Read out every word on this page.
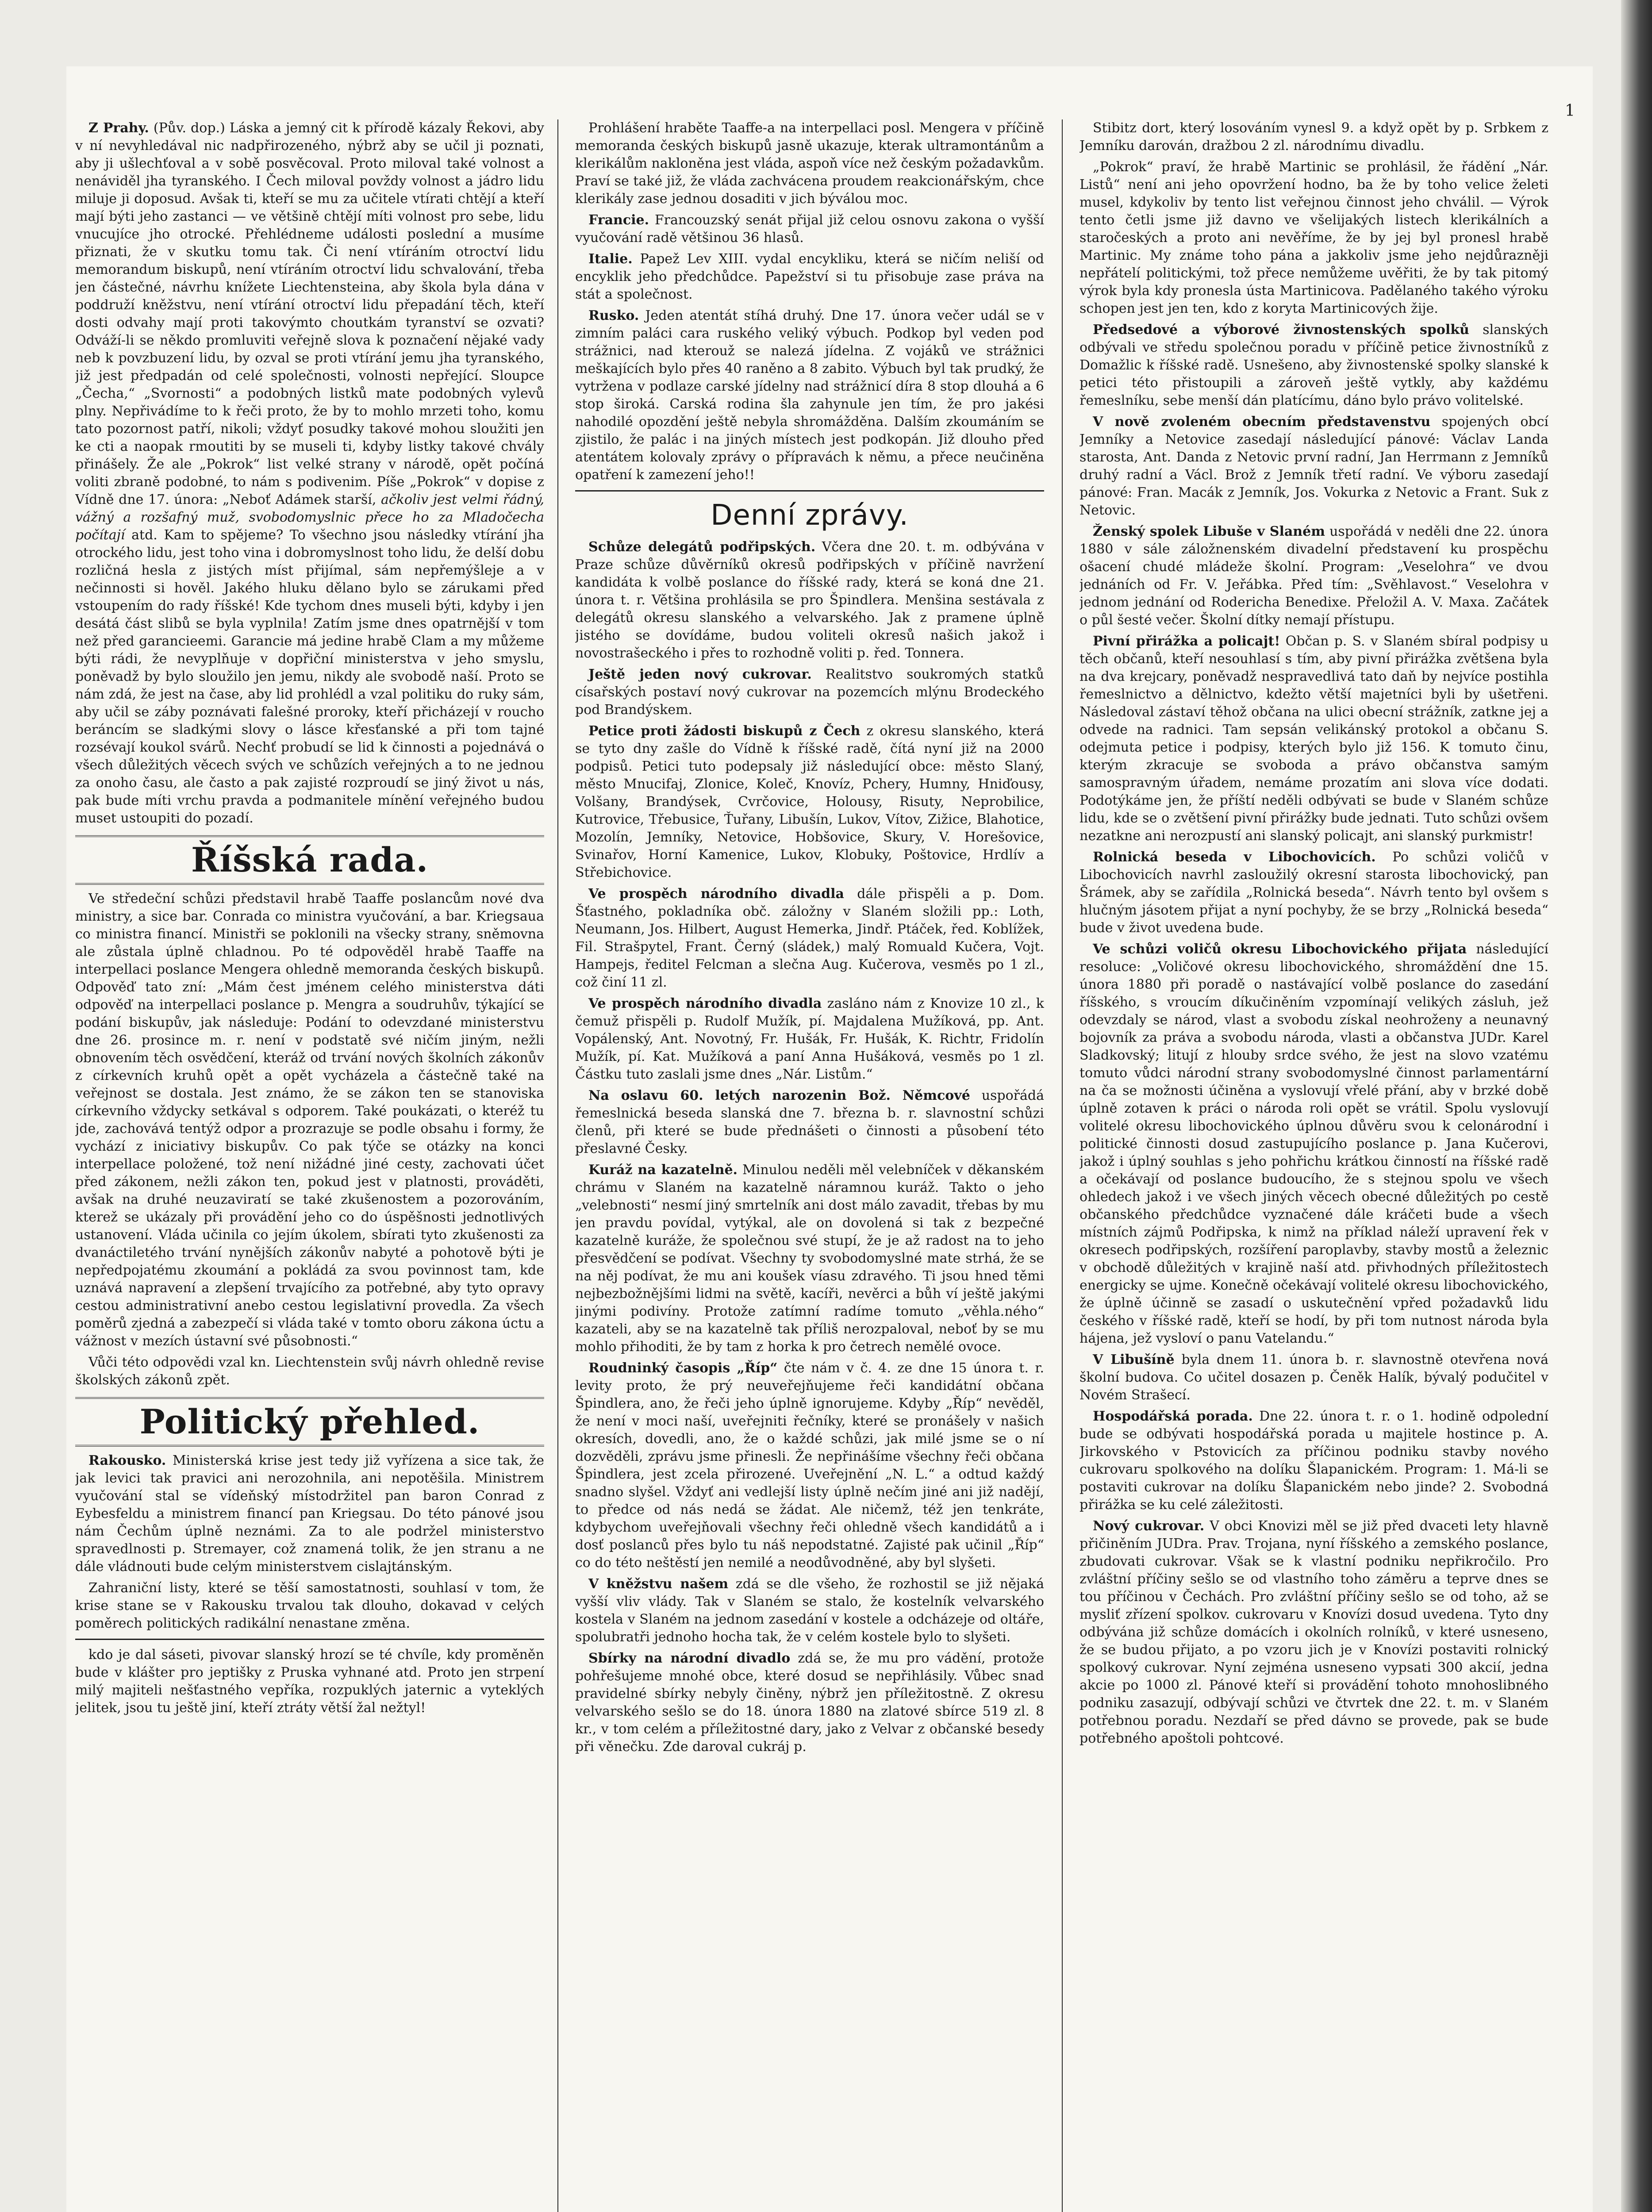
1

Z Prahy. (Pův. dop.) Láska a jemný cit k přírodě kázaly Řekovi, aby v ní nevyhledával nic nadpřirozeného, nýbrž aby se učil ji poznati, aby ji ušlechťoval a v sobě posvěcoval. Proto miloval také volnost a nenáviděl jha tyranského. I Čech miloval povždy volnost a jádro lidu miluje ji doposud. Avšak ti, kteří se mu za učitele vtírati chtějí a kteří mají býti jeho zastanci — ve většině chtějí míti volnost pro sebe, lidu vnucujíce jho otrocké. Přehlédneme události poslední a musíme přiznati, že v skutku tomu tak. Či není vtíráním otroctví lidu memorandum biskupů, není vtíráním otroctví lidu schvalování, třeba jen částečné, návrhu knížete Liechtensteina, aby škola byla dána v poddruží kněžstvu, není vtírání otroctví lidu přepadání těch, kteří dosti odvahy mají proti takovýmto choutkám tyranství se ozvati? Odváží-li se někdo promluviti veřejně slova k poznačení nějaké vady neb k povzbuzení lidu, by ozval se proti vtírání jemu jha tyranského, již jest předpadán od celé společnosti, volnosti nepřející. Sloupce „Čecha,“ „Svornosti“ a podobných listků mate podobných vylevů plny. Nepřivádíme to k řeči proto, že by to mohlo mrzeti toho, komu tato pozornost patří, nikoli; vždyť posudky takové mohou sloužiti jen ke cti a naopak rmoutiti by se museli ti, kdyby listky takové chvály přinášely. Že ale „Pokrok“ list velké strany v národě, opět počíná voliti zbraně podobné, to nám s podivenim. Píše „Pokrok“ v dopise z Vídně dne 17. února: „Neboť Adámek starší, ačkoliv jest velmi řádný, vážný a rozšafný muž, svobodomyslnic přece ho za Mladočecha počítají atd. Kam to spějeme? To všechno jsou následky vtírání jha otrockého lidu, jest toho vina i dobromyslnost toho lidu, že delší dobu rozličná hesla z jistých míst přijímal, sám nepřemýšleje a v nečinnosti si hověl. Jakého hluku dělano bylo se zárukami před vstoupením do rady říšské! Kde tychom dnes museli býti, kdyby i jen desátá část slibů se byla vyplnila! Zatím jsme dnes opatrnější v tom než před garancieemi. Garancie má jedine hrabě Clam a my můžeme býti rádi, že nevyplňuje v dopřiční ministerstva v jeho smyslu, poněvadž by bylo sloužilo jen jemu, nikdy ale svobodě naší. Proto se nám zdá, že jest na čase, aby lid prohlédl a vzal politiku do ruky sám, aby učil se záby poznávati falešné proroky, kteří přicházejí v roucho beráncím se sladkými slovy o lásce křesťanské a při tom tajné rozsévají koukol svárů. Nechť probudí se lid k činnosti a pojednává o všech důležitých věcech svých ve schůzích veřejných a to ne jednou za onoho času, ale často a pak zajisté rozproudí se jiný život u nás, pak bude míti vrchu pravda a podmanitele mínění veřejného budou muset ustoupiti do pozadí.

Říšská rada.

Ve středeční schůzi představil hrabě Taaffe poslancům nové dva ministry, a sice bar. Conrada co ministra vyučování, a bar. Kriegsaua co ministra financí. Ministři se poklonili na všecky strany, sněmovna ale zůstala úplně chladnou. Po té odpověděl hrabě Taaffe na interpellaci poslance Mengera ohledně memoranda českých biskupů. Odpověď tato zní: „Mám čest jménem celého ministerstva dáti odpověď na interpellaci poslance p. Mengra a soudruhův, týkající se podání biskupův, jak následuje: Podání to odevzdané ministerstvu dne 26. prosince m. r. není v podstatě své ničím jiným, nežli obnovením těch osvědčení, kteráž od trvání nových školních zákonův z církevních kruhů opět a opět vycházela a částečně také na veřejnost se dostala. Jest známo, že se zákon ten se stanoviska církevního vždycky setkával s odporem. Také poukázati, o kteréž tu jde, zachovává tentýž odpor a prozrazuje se podle obsahu i formy, že vychází z iniciativy biskupův. Co pak týče se otázky na konci interpellace položené, tož není nižádné jiné cesty, zachovati účet před zákonem, nežli zákon ten, pokud jest v platnosti, prováděti, avšak na druhé neuzaviratí se také zkušenostem a pozorováním, kterež se ukázaly při provádění jeho co do úspěšnosti jednotlivých ustanovení. Vláda učinila co jejím úkolem, sbírati tyto zkušenosti za dvanáctiletého trvání nynějších zákonův nabyté a pohotově býti je nepředpojatému zkoumání a pokládá za svou povinnost tam, kde uznává napravení a zlepšení trvajícího za potřebné, aby tyto opravy cestou administrativní anebo cestou legislativní provedla. Za všech poměrů zjedná a zabezpečí si vláda také v tomto oboru zákona úctu a vážnost v mezích ústavní své působnosti.“

Vůči této odpovědi vzal kn. Liechtenstein svůj návrh ohledně revise školských zákonů zpět.

Politický přehled.

Rakousko. Ministerská krise jest tedy již vyřízena a sice tak, že jak levici tak pravici ani nerozohnila, ani nepotěšila. Ministrem vyučování stal se vídeňský místodržitel pan baron Conrad z Eybesfeldu a ministrem financí pan Kriegsau. Do této pánové jsou nám Čechům úplně neznámi. Za to ale podržel ministerstvo spravedlnosti p. Stremayer, což znamená tolik, že jen stranu a ne dále vládnouti bude celým ministerstvem cislajtánským.

Zahraniční listy, které se těší samostatnosti, souhlasí v tom, že krise stane se v Rakousku trvalou tak dlouho, dokavad v celých poměrech politických radikální nenastane změna.

kdo je dal sáseti, pivovar slanský hrozí se té chvíle, kdy proměněn bude v klášter pro jeptišky z Pruska vyhnané atd. Proto jen strpení milý majiteli nešťastného vepříka, rozpuklých jaternic a vyteklých jelitek, jsou tu ještě jiní, kteří ztráty větší žal nežtyl!

Prohlášení hraběte Taaffe-a na interpellaci posl. Mengera v příčině memoranda českých biskupů jasně ukazuje, kterak ultramontánům a klerikálům nakloněna jest vláda, aspoň více než českým požadavkům. Praví se také již, že vláda zachvácena proudem reakcionářským, chce klerikály zase jednou dosaditi v jich býválou moc.

Francie. Francouzský senát přijal již celou osnovu zakona o vyšší vyučování radě většinou 36 hlasů.

Italie. Papež Lev XIII. vydal encykliku, která se ničím neliší od encyklik jeho předchůdce. Papežství si tu přisobuje zase práva na stát a společnost.

Rusko. Jeden atentát stíhá druhý. Dne 17. února večer udál se v zimním paláci cara ruského veliký výbuch. Podkop byl veden pod strážnici, nad kterouž se nalezá jídelna. Z vojáků ve strážnici meškajících bylo přes 40 raněno a 8 zabito. Výbuch byl tak prudký, že vytržena v podlaze carské jídelny nad strážnicí díra 8 stop dlouhá a 6 stop široká. Carská rodina šla zahynule jen tím, že pro jakési nahodilé opozdění ještě nebyla shromážděna. Dalším zkoumáním se zjistilo, že palác i na jiných místech jest podkopán. Již dlouho před atentátem kolovaly zprávy o přípravách k němu, a přece neučiněna opatření k zamezení jeho!!

Denní zprávy.

Schůze delegátů podřipských. Včera dne 20. t. m. odbývána v Praze schůze důvěrníků okresů podřipských v příčině navržení kandidáta k volbě poslance do říšské rady, která se koná dne 21. února t. r. Většina prohlásila se pro Špindlera. Menšina sestávala z delegátů okresu slanského a velvarského. Jak z pramene úplně jistého se dovídáme, budou voliteli okresů našich jakož i novostrašeckého i přes to rozhodně voliti p. řed. Tonnera.

Ještě jeden nový cukrovar. Realitstvo soukromých statků císařských postaví nový cukrovar na pozemcích mlýnu Brodeckého pod Brandýskem.

Petice proti žádosti biskupů z Čech z okresu slanského, která se tyto dny zašle do Vídně k říšské radě, čítá nyní již na 2000 podpisů. Petici tuto podepsaly již následující obce: město Slaný, město Mnucifaj, Zlonice, Koleč, Knovíz, Pchery, Humny, Hniďousy, Volšany, Brandýsek, Cvrčovice, Holousy, Risuty, Neprobilice, Kutrovice, Třebusice, Ťuřany, Libušín, Lukov, Vítov, Zižice, Blahotice, Mozolín, Jemníky, Netovice, Hobšovice, Skury, V. Horešovice, Svinařov, Horní Kamenice, Lukov, Klobuky, Poštovice, Hrdlív a Střebichovice.

Ve prospěch národního divadla dále přispěli a p. Dom. Šťastného, pokladníka obč. záložny v Slaném složili pp.: Loth, Neumann, Jos. Hilbert, August Hemerka, Jindř. Ptáček, řed. Koblížek, Fil. Strašpytel, Frant. Černý (sládek,) malý Romuald Kučera, Vojt. Hampejs, ředitel Felcman a slečna Aug. Kučerova, vesměs po 1 zl., což činí 11 zl.

Ve prospěch národního divadla zasláno nám z Knovize 10 zl., k čemuž přispěli p. Rudolf Mužík, pí. Majdalena Mužíková, pp. Ant. Vopálenský, Ant. Novotný, Fr. Hušák, Fr. Hušák, K. Richtr, Fridolín Mužík, pí. Kat. Mužíková a paní Anna Hušáková, vesměs po 1 zl. Částku tuto zaslali jsme dnes „Nár. Listům.“

Na oslavu 60. letých narozenin Bož. Němcové uspořádá řemeslnická beseda slanská dne 7. března b. r. slavnostní schůzi členů, při které se bude přednášeti o činnosti a působení této přeslavné Česky.

Kuráž na kazatelně. Minulou neděli měl velebníček v děkanském chrámu v Slaném na kazatelně náramnou kuráž. Takto o jeho „velebnosti“ nesmí jiný smrtelník ani dost málo zavadit, třebas by mu jen pravdu povídal, vytýkal, ale on dovolená si tak z bezpečné kazatelně kuráže, že společnou své stupí, že je až radost na to jeho přesvědčení se podívat. Všechny ty svobodomyslné mate strhá, že se na něj podívat, že mu ani koušek víasu zdravého. Ti jsou hned těmi nejbezbožnějšími lidmi na světě, kacíři, nevěrci a bůh ví ještě jakými jinými podivíny. Protože zatímní radíme tomuto „věhla.ného“ kazateli, aby se na kazatelně tak příliš nerozpaloval, neboť by se mu mohlo přihoditi, že by tam z horka k pro četrech nemělé ovoce.

Roudninký časopis „Říp“ čte nám v č. 4. ze dne 15 února t. r. levity proto, že prý neuveřejňujeme řeči kandidátní občana Špindlera, ano, že řeči jeho úplně ignorujeme. Kdyby „Říp“ nevěděl, že není v moci naší, uveřejniti řečníky, které se pronášely v našich okresích, dovedli, ano, že o každé schůzi, jak milé jsme se o ní dozvěděli, zprávu jsme přinesli. Že nepřinášíme všechny řeči občana Špindlera, jest zcela přirozené. Uveřejnění „N. L.“ a odtud každý snadno slyšel. Vždyť ani vedlejší listy úplně nečím jiné ani již nadějí, to předce od nás nedá se žádat. Ale ničemž, též jen tenkráte, kdybychom uveřejňovali všechny řeči ohledně všech kandidátů a i dosť poslanců přes bylo tu náš nepodstatné. Zajisté pak učinil „Říp“ co do této neštěstí jen nemilé a neodůvodněné, aby byl slyšeti.

V kněžstvu našem zdá se dle všeho, že rozhostil se již nějaká vyšší vliv vlády. Tak v Slaném se stalo, že kostelník velvarského kostela v Slaném na jednom zasedání v kostele a odcházeje od oltáře, spolubratři jednoho hocha tak, že v celém kostele bylo to slyšeti.

Sbírky na národní divadlo zdá se, že mu pro vádění, protože pohřešujeme mnohé obce, které dosud se nepřihlásily. Vůbec snad pravidelné sbírky nebyly činěny, nýbrž jen příležitostně. Z okresu velvarského sešlo se do 18. února 1880 na zlatové sbírce 519 zl. 8 kr., v tom celém a příležitostné dary, jako z Velvar z občanské besedy při věnečku. Zde daroval cukráj p.

Stibitz dort, který losováním vynesl 9. a když opět by p. Srbkem z Jemníku darován, dražbou 2 zl. národnímu divadlu.

„Pokrok“ praví, že hrabě Martinic se prohlásil, že řádění „Nár. Listů“ není ani jeho opovržení hodno, ba že by toho velice želeti musel, kdykoliv by tento list veřejnou činnost jeho chválil. — Výrok tento četli jsme již davno ve všelijakých listech klerikálních a staročeských a proto ani nevěříme, že by jej byl pronesl hrabě Martinic. My známe toho pána a jakkoliv jsme jeho nejdůrazněji nepřátelí politickými, tož přece nemůžeme uvěřiti, že by tak pitomý výrok byla kdy pronesla ústa Martinicova. Padělaného takého výroku schopen jest jen ten, kdo z koryta Martinicových žije.

Předsedové a výborové živnostenských spolků slanských odbývali ve středu společnou poradu v příčině petice živnostníků z Domažlic k říšské radě. Usnešeno, aby živnostenské spolky slanské k petici této přistoupili a zároveň ještě vytkly, aby každému řemeslníku, sebe menší dán platícímu, dáno bylo právo volitelské.

V nově zvoleném obecním představenstvu spojených obcí Jemníky a Netovice zasedají následující pánové: Václav Landa starosta, Ant. Danda z Netovic první radní, Jan Herrmann z Jemníků druhý radní a Václ. Brož z Jemník třetí radní. Ve výboru zasedají pánové: Fran. Macák z Jemník, Jos. Vokurka z Netovic a Frant. Suk z Netovic.

Ženský spolek Libuše v Slaném uspořádá v neděli dne 22. února 1880 v sále záložnenském divadelní představení ku prospěchu ošacení chudé mládeže školní. Program: „Veselohra“ ve dvou jednáních od Fr. V. Jeřábka. Před tím: „Svěhlavost.“ Veselohra v jednom jednání od Roderichа Benedixe. Přeložil A. V. Maxa. Začátek o půl šesté večer. Školní dítky nemají přístupu.

Pivní přirážka a policajt! Občan p. S. v Slaném sbíral podpisy u těch občanů, kteří nesouhlasí s tím, aby pivní přirážka zvětšena byla na dva krejcary, poněvadž nespravedlivá tato daň by nejvíce postihla řemeslnictvo a dělnictvo, kdežto větší majetníci byli by ušetřeni. Následoval zástaví těhož občana na ulici obecní strážník, zatkne jej a odvede na radnici. Tam sepsán velikánský protokol a občanu S. odejmuta petice i podpisy, kterých bylo již 156. K tomuto činu, kterým zkracuje se svoboda a právo občanstva samým samospravným úřadem, nemáme prozatím ani slova více dodati. Podotýkáme jen, že příští neděli odbývati se bude v Slaném schůze lidu, kde se o zvětšení pivní přirážky bude jednati. Tuto schůzi ovšem nezatkne ani nerozpustí ani slanský policajt, ani slanský purkmistr!

Rolnická beseda v Libochovicích. Po schůzi voličů v Libochovicích navrhl zasloužilý okresní starosta libochovický, pan Šrámek, aby se zařídila „Rolnická beseda“. Návrh tento byl ovšem s hlučným jásotem přijat a nyní pochyby, že se brzy „Rolnická beseda“ bude v život uvedena bude.

Ve schůzi voličů okresu Libochovického přijata následující resoluce: „Voličové okresu libochovického, shromáždění dne 15. února 1880 při poradě o nastávající volbě poslance do zasedání říšského, s vroucím díkučiněním vzpomínají velikých zásluh, jež odevzdaly se národ, vlast a svobodu získal neohroženy a neunavný bojovník za práva a svobodu národa, vlasti a občanstva JUDr. Karel Sladkovský; litují z hlouby srdce svého, že jest na slovo vzatému tomuto vůdci národní strany svobodomyslné činnost parlamentární na ča se možnosti účiněna a vyslovují vřelé přání, aby v brzké době úplně zotaven k práci o národa roli opět se vrátil. Spolu vyslovují volitelé okresu libochovického úplnou důvěru svou k celonárodní i politické činnosti dosud zastupujícího poslance p. Jana Kučerovi, jakož i úplný souhlas s jeho pohřichu krátkou činností na říšské radě a očekávají od poslance budoucího, že s stejnou spolu ve všech ohledech jakož i ve všech jiných věcech obecné důležitých po cestě občanského předchůdce vyznačené dále kráčeti bude a všech místních zájmů Podřipska, k nimž na příklad náleží upravení řek v okresech podřipských, rozšíření paroplavby, stavby mostů a železnic v obchodě důležitých v krajině naší atd. přivhodných příležitostech energicky se ujme. Konečně očekávají volitelé okresu libochovického, že úplně účinně se zasadí o uskutečnění vpřed požadavků lidu českého v říšské radě, kteří se hodí, by při tom nutnost národa byla hájena, jež vysloví o panu Vatelandu.“

V Libušíně byla dnem 11. února b. r. slavnostně otevřena nová školní budova. Co učitel dosazen p. Čeněk Halík, bývalý podučitel v Novém Strašecí.

Hospodářská porada. Dne 22. února t. r. o 1. hodině odpolední bude se odbývati hospodářská porada u majitele hostince p. A. Jirkovského v Pstovicích za příčinou podniku stavby nového cukrovaru spolkového na dolíku Šlapanickém. Program: 1. Má-li se postaviti cukrovar na dolíku Šlapanickém nebo jinde? 2. Svobodná přirážka se ku celé záležitosti.

Nový cukrovar. V obci Knovizi měl se již před dvaceti lety hlavně přičiněním JUDra. Prav. Trojana, nyní říšského a zemského poslance, zbudovati cukrovar. Však se k vlastní podniku nepřikročilo. Pro zvláštní příčiny sešlo se od vlastního toho záměru a teprve dnes se tou příčinou v Čechách. Pro zvláštní příčiny sešlo se od toho, až se mysliť zřízení spolkov. cukrovaru v Knovízi dosud uvedena. Tyto dny odbývána již schůze domácích i okolních rolníků, v které usneseno, že se budou přijato, a po vzoru jich je v Knovízi postaviti rolnický spolkový cukrovar. Nyní zejména usneseno vypsati 300 akcií, jedna akcie po 1000 zl. Pánové kteří si provádění tohoto mnohoslibného podniku zasazují, odbývají schůzi ve čtvrtek dne 22. t. m. v Slaném potřebnou poradu. Nezdaří se před dávno se provede, pak se bude potřebného apoštoli pohtcové.
